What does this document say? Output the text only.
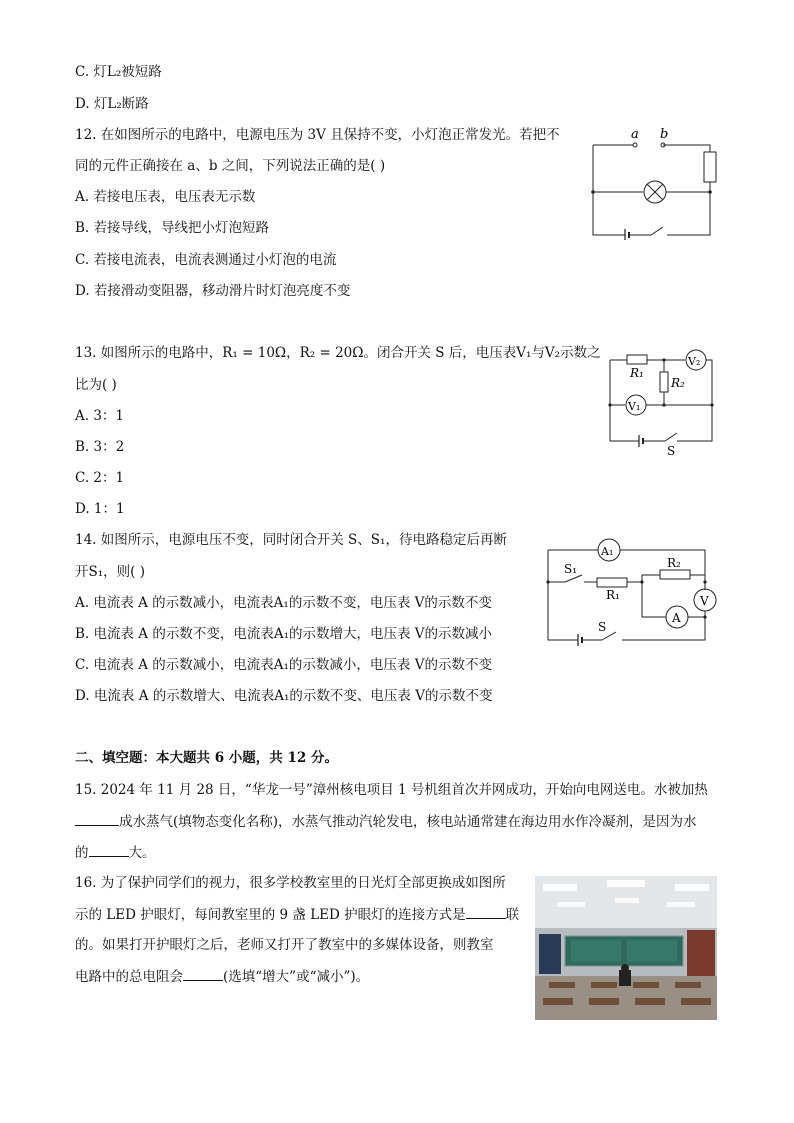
C. 灯L₂被短路
D. 灯L₂断路
12. 在如图所示的电路中，电源电压为 3V 且保持不变，小灯泡正常发光。若把不
同的元件正确接在 a、b 之间，下列说法正确的是( )
A. 若接电压表，电压表无示数
B. 若接导线，导线把小灯泡短路
C. 若接电流表，电流表测通过小灯泡的电流
D. 若接滑动变阻器，移动滑片时灯泡亮度不变
a b
13. 如图所示的电路中，R₁ = 10Ω，R₂ = 20Ω。闭合开关 S 后，电压表V₁与V₂示数之
比为( )
A. 3：1
B. 3：2
C. 2：1
D. 1：1
R₁
R₂
V₂
V₁
S
14. 如图所示，电源电压不变，同时闭合开关 S、S₁，待电路稳定后再断
开S₁，则( )
A. 电流表 A 的示数减小，电流表A₁的示数不变，电压表 V的示数不变
B. 电流表 A 的示数不变，电流表A₁的示数增大，电压表 V的示数减小
C. 电流表 A 的示数减小，电流表A₁的示数减小，电压表 V的示数不变
D. 电流表 A 的示数增大、电流表A₁的示数不变、电压表 V的示数不变
A₁
S₁
R₁
R₂
A
V
S
二、填空题：本大题共 6 小题，共 12 分。
15. 2024 年 11 月 28 日，“华龙一号”漳州核电项目 1 号机组首次并网成功，开始向电网送电。水被加热
成水蒸气(填物态变化名称)，水蒸气推动汽轮发电，核电站通常建在海边用水作冷凝剂，是因为水
的	大。
16. 为了保护同学们的视力，很多学校教室里的日光灯全部更换成如图所
示的 LED 护眼灯，每间教室里的 9 盏 LED 护眼灯的连接方式是	联
的。如果打开护眼灯之后，老师又打开了教室中的多媒体设备，则教室
电路中的总电阻会	(选填“增大”或“减小”)。
